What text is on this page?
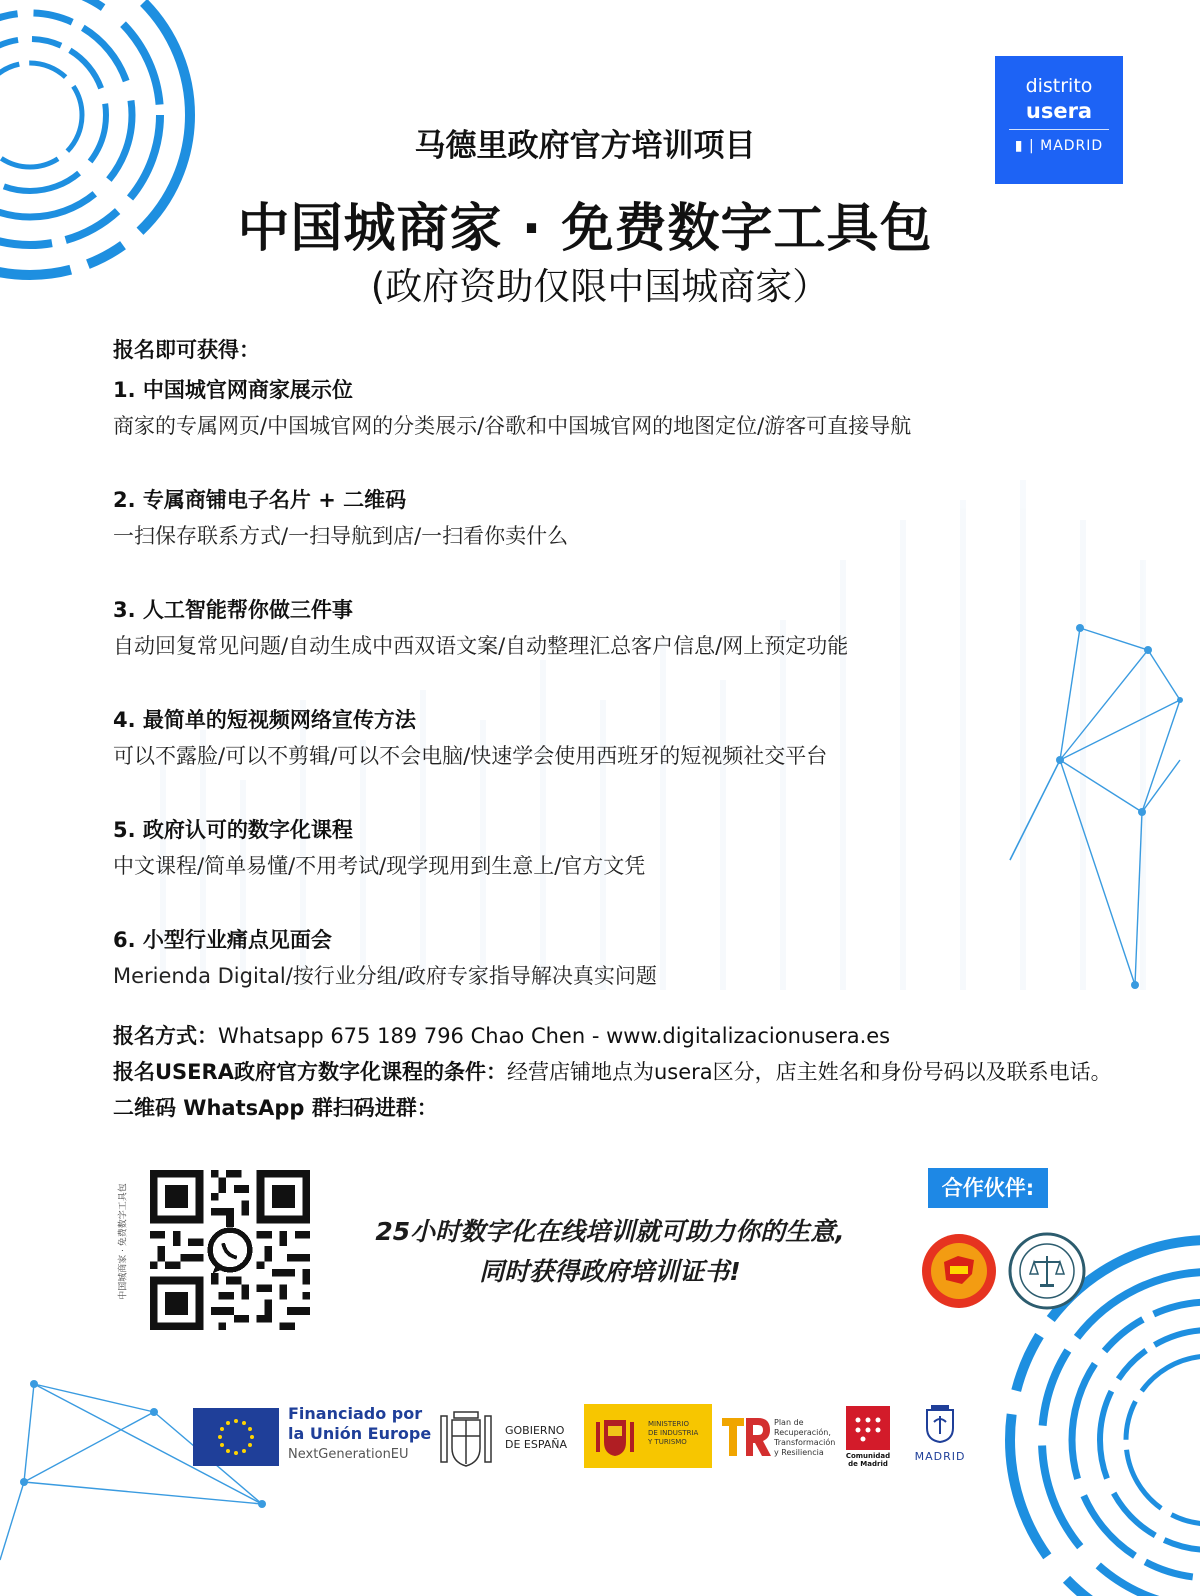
distrito
usera
▮ | MADRID
马德里政府官方培训项目
中国城商家 · 免费数字工具包
(政府资助仅限中国城商家）

报名即可获得：

1. 中国城官网商家展示位

商家的专属网页/中国城官网的分类展示/谷歌和中国城官网的地图定位/游客可直接导航

2. 专属商铺电子名片 + 二维码

一扫保存联系方式/一扫导航到店/一扫看你卖什么

3. 人工智能帮你做三件事

自动回复常见问题/自动生成中西双语文案/自动整理汇总客户信息/网上预定功能

4. 最简单的短视频网络宣传方法

可以不露脸/可以不剪辑/可以不会电脑/快速学会使用西班牙的短视频社交平台

5. 政府认可的数字化课程

中文课程/简单易懂/不用考试/现学现用到生意上/官方文凭

6. 小型行业痛点见面会

Merienda Digital/按行业分组/政府专家指导解决真实问题

报名方式：Whatsapp 675 189 796 Chao Chen - www.digitalizacionusera.es
报名USERA政府官方数字化课程的条件：经营店铺地点为usera区分，店主姓名和身份号码以及联系电话。
二维码 WhatsApp 群扫码进群：
中国城商家 · 免费数字工具包	25小时数字化在线培训就可助力你的生意,
同时获得政府培训证书!
合作伙伴:
Financiado por
la Unión Europe
NextGenerationEU
GOBIERNO
DE ESPAÑA
MINISTERIO
DE INDUSTRIA
Y TURISMO
Plan de
Recuperación,
Transformación
y Resiliencia	Comunidad
de Madrid
MADRID
